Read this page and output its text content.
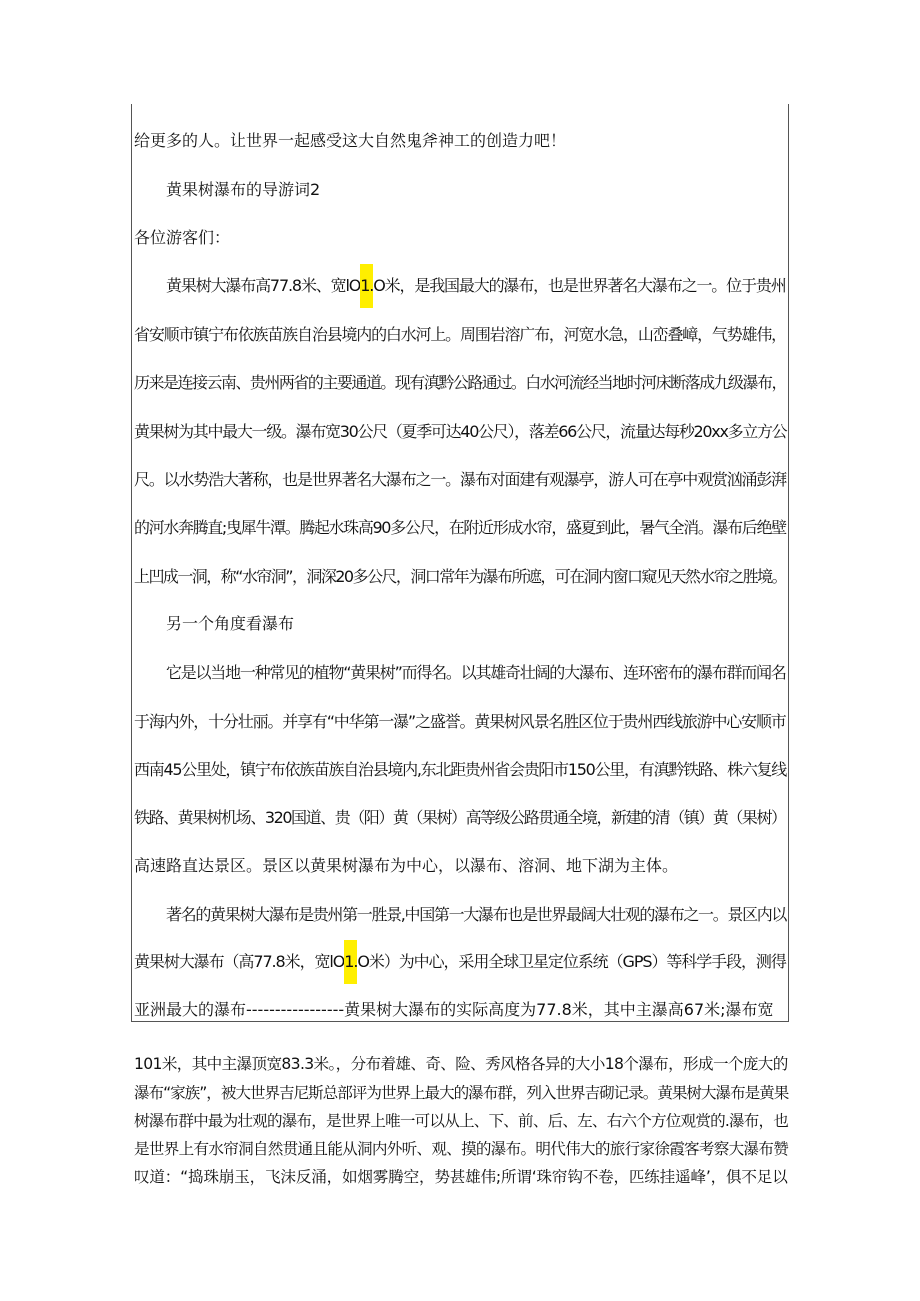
给更多的人。让世界一起感受这大自然鬼斧神工的创造力吧！
黄果树瀑布的导游词2
各位游客们：
黄果树大瀑布高77.8米、宽lO1.O米，是我国最大的瀑布，也是世界著名大瀑布之一。位于贵州
省安顺市镇宁布依族苗族自治县境内的白水河上。周围岩溶广布，河宽水急，山峦叠嶂，气势雄伟，
历来是连接云南、贵州两省的主要通道。现有滇黔公路通过。白水河流经当地时河床断落成九级瀑布，
黄果树为其中最大一级。瀑布宽30公尺（夏季可达40公尺），落差66公尺，流量达每秒20xx多立方公
尺。以水势浩大著称，也是世界著名大瀑布之一。瀑布对面建有观瀑亭，游人可在亭中观赏汹涌彭湃
的河水奔腾直;曳犀牛潭。腾起水珠高90多公尺，在附近形成水帘，盛夏到此，暑气全消。瀑布后绝壁
上凹成一洞，称“水帘洞”，洞深20多公尺，洞口常年为瀑布所遮，可在洞内窗口窥见天然水帘之胜境。
另一个角度看瀑布
它是以当地一种常见的植物“黄果树”而得名。以其雄奇壮阔的大瀑布、连环密布的瀑布群而闻名
于海内外，十分壮丽。并享有“中华第一瀑”之盛誉。黄果树风景名胜区位于贵州西线旅游中心安顺市
西南45公里处，镇宁布依族苗族自治县境内,东北距贵州省会贵阳市150公里，有滇黔铁路、株六复线
铁路、黄果树机场、320国道、贵（阳）黄（果树）高等级公路贯通全境，新建的清（镇）黄（果树）
高速路直达景区。景区以黄果树瀑布为中心，以瀑布、溶洞、地下湖为主体。
著名的黄果树大瀑布是贵州第一胜景,中国第一大瀑布也是世界最阔大壮观的瀑布之一。景区内以
黄果树大瀑布（高77.8米，宽lO1.O米）为中心，采用全球卫星定位系统（GPS）等科学手段，测得
亚洲最大的瀑布-----------------黄果树大瀑布的实际高度为77.8米，其中主瀑高67米;瀑布宽
101米，其中主瀑顶宽83.3米。，分布着雄、奇、险、秀风格各异的大小18个瀑布，形成一个庞大的
瀑布“家族”，被大世界吉尼斯总部评为世界上最大的瀑布群，列入世界吉砌记录。黄果树大瀑布是黄果
树瀑布群中最为壮观的瀑布，是世界上唯一可以从上、下、前、后、左、右六个方位观赏的.瀑布，也
是世界上有水帘洞自然贯通且能从洞内外听、观、摸的瀑布。明代伟大的旅行家徐霞客考察大瀑布赞
叹道：“捣珠崩玉，飞沫反涌，如烟雾腾空，势甚雄伟;所谓‘珠帘钩不卷，匹练挂遥峰’，俱不足以
